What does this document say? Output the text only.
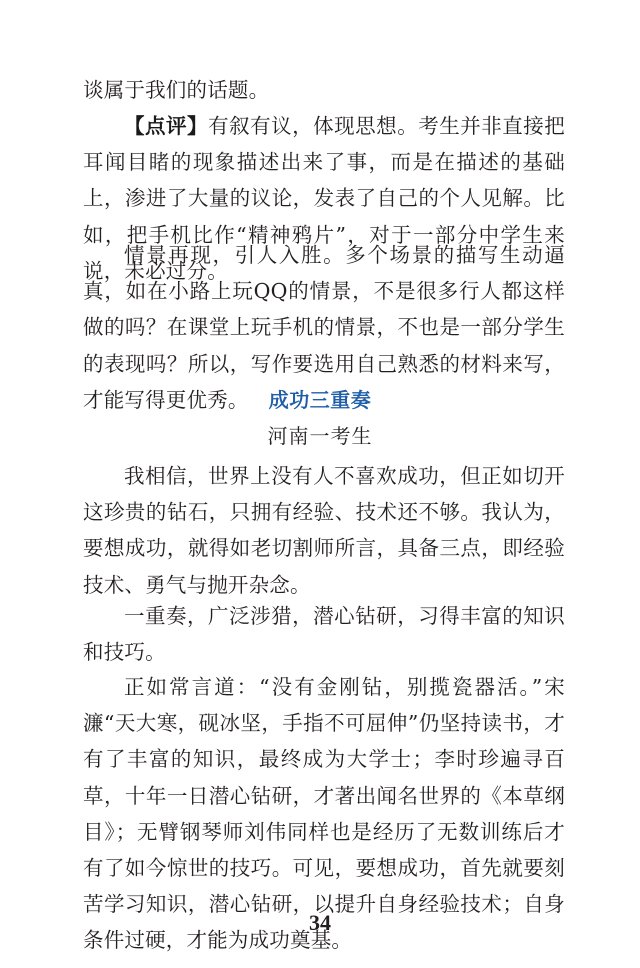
谈属于我们的话题。

【点评】有叙有议，体现思想。考生并非直接把耳闻目睹的现象描述出来了事，而是在描述的基础上，渗进了大量的议论，发表了自己的个人见解。比如，把手机比作“精神鸦片”，对于一部分中学生来说，未必过分。

情景再现，引人入胜。多个场景的描写生动逼真，如在小路上玩QQ的情景，不是很多行人都这样做的吗？在课堂上玩手机的情景，不也是一部分学生的表现吗？所以，写作要选用自己熟悉的材料来写，才能写得更优秀。	成功三重奏

河南一考生

我相信，世界上没有人不喜欢成功，但正如切开这珍贵的钻石，只拥有经验、技术还不够。我认为，要想成功，就得如老切割师所言，具备三点，即经验技术、勇气与抛开杂念。

一重奏，广泛涉猎，潜心钻研，习得丰富的知识和技巧。

正如常言道：“没有金刚钻，别揽瓷器活。”宋濂“天大寒，砚冰坚，手指不可屈伸”仍坚持读书，才有了丰富的知识，最终成为大学士；李时珍遍寻百草，十年一日潜心钻研，才著出闻名世界的《本草纲目》；无臂钢琴师刘伟同样也是经历了无数训练后才有了如今惊世的技巧。可见，要想成功，首先就要刻苦学习知识，潜心钻研，以提升自身经验技术；自身条件过硬，才能为成功奠基。

34
